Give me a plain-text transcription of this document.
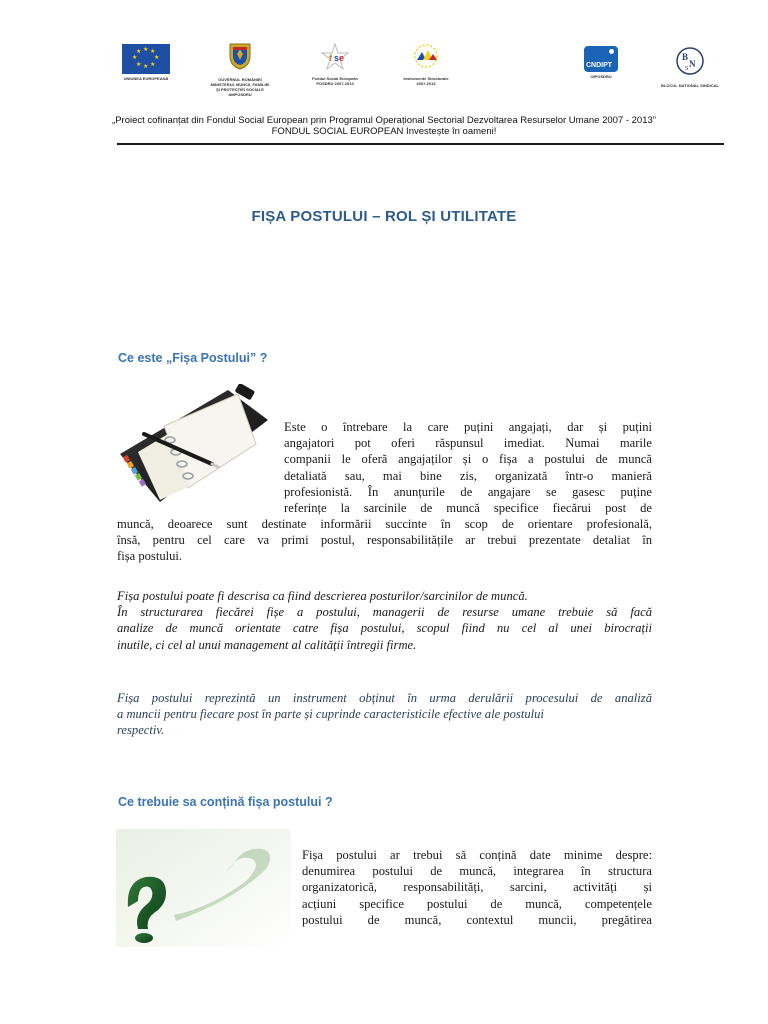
★ ★
★
★
★
★
★
★
UNIUNEA EUROPEANĂ	GUVERNUL ROMÂNIEI
MINISTERUL MUNCII, FAMILIEI
ȘI PROTECȚIEI SOCIALE
AMPOSDRU
f s e
Fondul Social European
POSDRU 2007-2013
Instrumente Structurale
2007-2013
CNDIPT
OIPOSDRU
B
N
S
BLOCUL NATIONAL SINDICAL
„Proiect cofinanțat din Fondul Social European prin Programul Operațional Sectorial Dezvoltarea Resurselor Umane 2007 - 2013”
FONDUL SOCIAL EUROPEAN Investește în oameni!
FIȘA POSTULUI – ROL ȘI UTILITATE
Ce este „Fișa Postului” ?
Este o întrebare la care puțini angajați, dar și puțini
angajatori pot oferi răspunsul imediat. Numai marile
companii le oferă angajaților și o fișa a postului de muncă
detaliată sau, mai bine zis, organizată într-o manieră
profesionistă. În anunțurile de angajare se gasesc puține
referințe la sarcinile de muncă specifice fiecărui post de
muncă, deoarece sunt destinate informării succinte în scop de orientare profesională,
însă, pentru cel care va primi postul, responsabilitățile ar trebui prezentate detaliat în
fișa postului.
Fișa postului poate fi descrisa ca fiind descrierea posturilor/sarcinilor de muncă.
În structurarea fiecărei fișe a postului, managerii de resurse umane trebuie să facă
analize de muncă orientate catre fișa postului, scopul fiind nu cel al unei birocrații
inutile, ci cel al unui management al calității întregii firme.
Fișa postului reprezintă un instrument obținut în urma derulării procesului de analiză
a muncii pentru fiecare post în parte și cuprinde caracteristicile efective ale postului
respectiv.
Ce trebuie sa conțină fișa postului ?
Fișa postului ar trebui să conțină date minime despre:
denumirea postului de muncă, integrarea în structura
organizatorică, responsabilități, sarcini, activități și
acțiuni specifice postului de muncă, competențele
postului de muncă, contextul muncii, pregătirea
